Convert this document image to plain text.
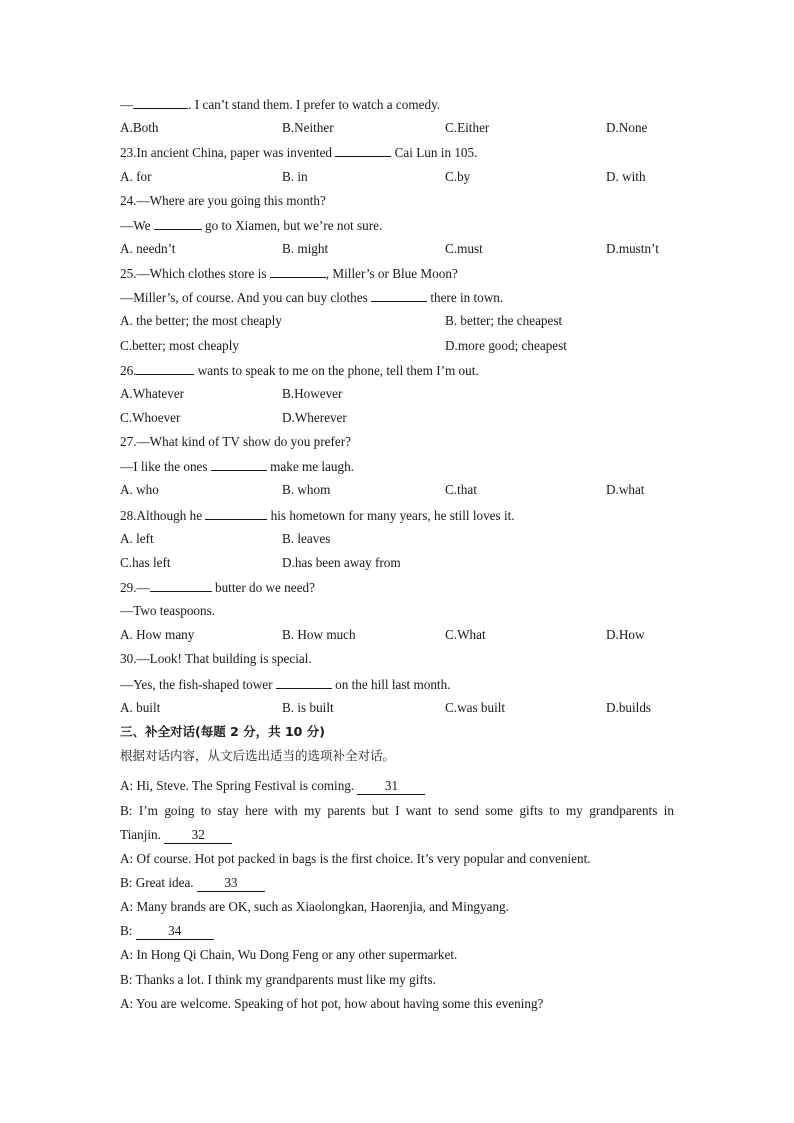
—	. I can’t stand them. I prefer to watch a comedy.
A.Both	B.Neither	C.Either	D.None
23.In ancient China, paper was invented	Cai Lun in 105.
A. for	B. in	C.by	D. with
24.—Where are you going this month?
—We	go to Xiamen, but we’re not sure.
A. needn’t	B. might	C.must	D.mustn’t
25.—Which clothes store is	, Miller’s or Blue Moon?
—Miller’s, of course. And you can buy clothes	there in town.
A. the better; the most cheaply	B. better; the cheapest
C.better; most cheaply	D.more good; cheapest
26.	wants to speak to me on the phone, tell them I’m out.
A.Whatever	B.However
C.Whoever	D.Wherever
27.—What kind of TV show do you prefer?
—I like the ones	make me laugh.
A. who	B. whom	C.that	D.what
28.Although he	his hometown for many years, he still loves it.
A. left	B. leaves
C.has left	D.has been away from
29.—	butter do we need?
—Two teaspoons.
A. How many	B. How much	C.What	D.How
30.—Look! That building is special.
—Yes, the fish-shaped tower	on the hill last month.
A. built	B. is built	C.was built	D.builds
三、补全对话(每题 2 分，共 10 分)
根据对话内容，从文后选出适当的选项补全对话。
A: Hi, Steve. The Spring Festival is coming. 31
B: I’m going to stay here with my parents but I want to send some gifts to my grandparents in
Tianjin. 32
A: Of course. Hot pot packed in bags is the first choice. It’s very popular and convenient.
B: Great idea. 33
A: Many brands are OK, such as Xiaolongkan, Haorenjia, and Mingyang.
B:	34
A: In Hong Qi Chain, Wu Dong Feng or any other supermarket.
B: Thanks a lot. I think my grandparents must like my gifts.
A: You are welcome. Speaking of hot pot, how about having some this evening?
